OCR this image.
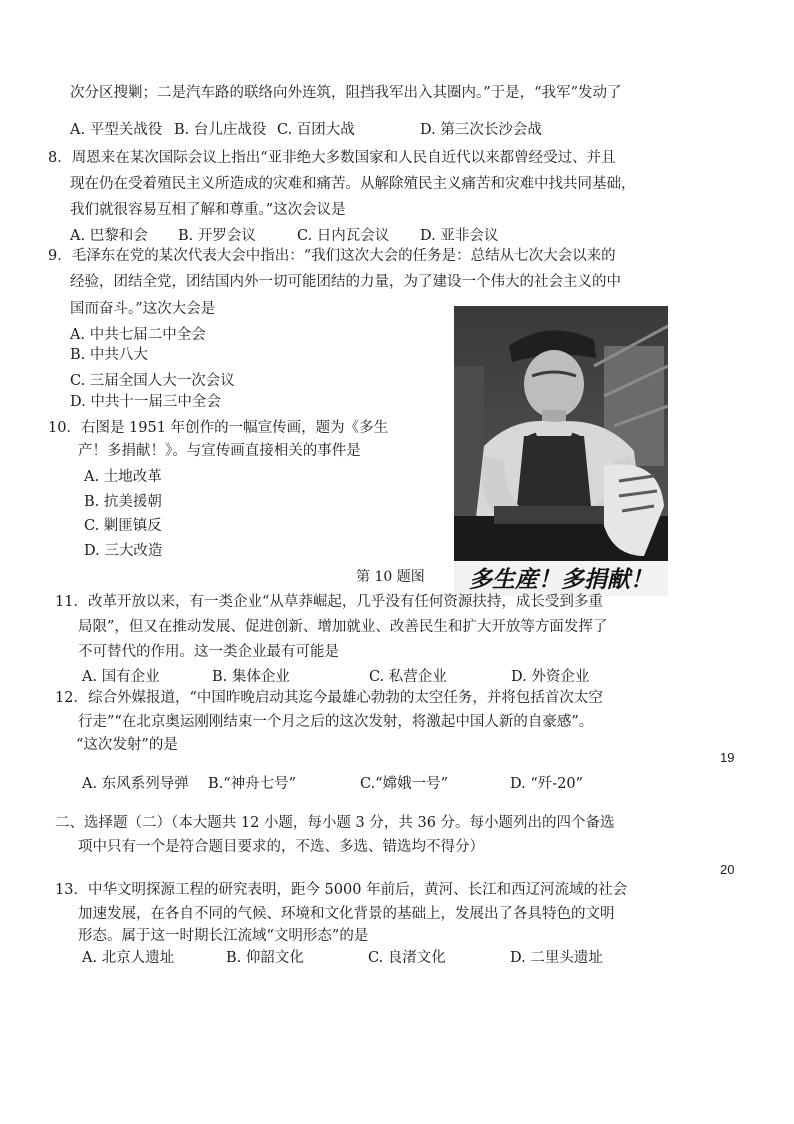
次分区搜剿；二是汽车路的联络向外连筑，阻挡我军出入其圈内。”于是，“我军”发动了
A. 平型关战役 B. 台儿庄战役 C. 百团大战	D. 第三次长沙会战
8．周恩来在某次国际会议上指出“亚非绝大多数国家和人民自近代以来都曾经受过、并且
现在仍在受着殖民主义所造成的灾难和痛苦。从解除殖民主义痛苦和灾难中找共同基础，
我们就很容易互相了解和尊重。”这次会议是
A. 巴黎和会 B. 开罗会议	C. 日内瓦会议 D. 亚非会议
9．毛泽东在党的某次代表大会中指出：“我们这次大会的任务是：总结从七次大会以来的
经验，团结全党，团结国内外一切可能团结的力量，为了建设一个伟大的社会主义的中
国而奋斗。”这次大会是
A. 中共七届二中全会
B. 中共八大
C. 三届全国人大一次会议
D. 中共十一届三中全会
10．右图是 1951 年创作的一幅宣传画，题为《多生
产！多捐献！》。与宣传画直接相关的事件是
A. 土地改革
B. 抗美援朝
C. 剿匪镇反
D. 三大改造
第 10 题图 多生産！多捐献！
11．改革开放以来，有一类企业“从草莽崛起，几乎没有任何资源扶持，成长受到多重
局限”，但又在推动发展、促进创新、增加就业、改善民生和扩大开放等方面发挥了
不可替代的作用。这一类企业最有可能是
A. 国有企业	B. 集体企业	C. 私营企业	D. 外资企业
12．综合外媒报道，“中国昨晚启动其迄今最雄心勃勃的太空任务，并将包括首次太空
行走”“在北京奥运刚刚结束一个月之后的这次发射，将激起中国人新的自豪感”。
“这次发射”的是
19
A. 东风系列导弹 B.“神舟七号”	C.“嫦娥一号”	D. “歼-20”
二、选择题（二）（本大题共 12 小题，每小题 3 分，共 36 分。每小题列出的四个备选
项中只有一个是符合题目要求的，不选、多选、错选均不得分）
20
13．中华文明探源工程的研究表明，距今 5000 年前后，黄河、长江和西辽河流域的社会
加速发展，在各自不同的气候、环境和文化背景的基础上，发展出了各具特色的文明
形态。属于这一时期长江流域“文明形态”的是
A. 北京人遗址	B. 仰韶文化	C. 良渚文化	D. 二里头遗址
